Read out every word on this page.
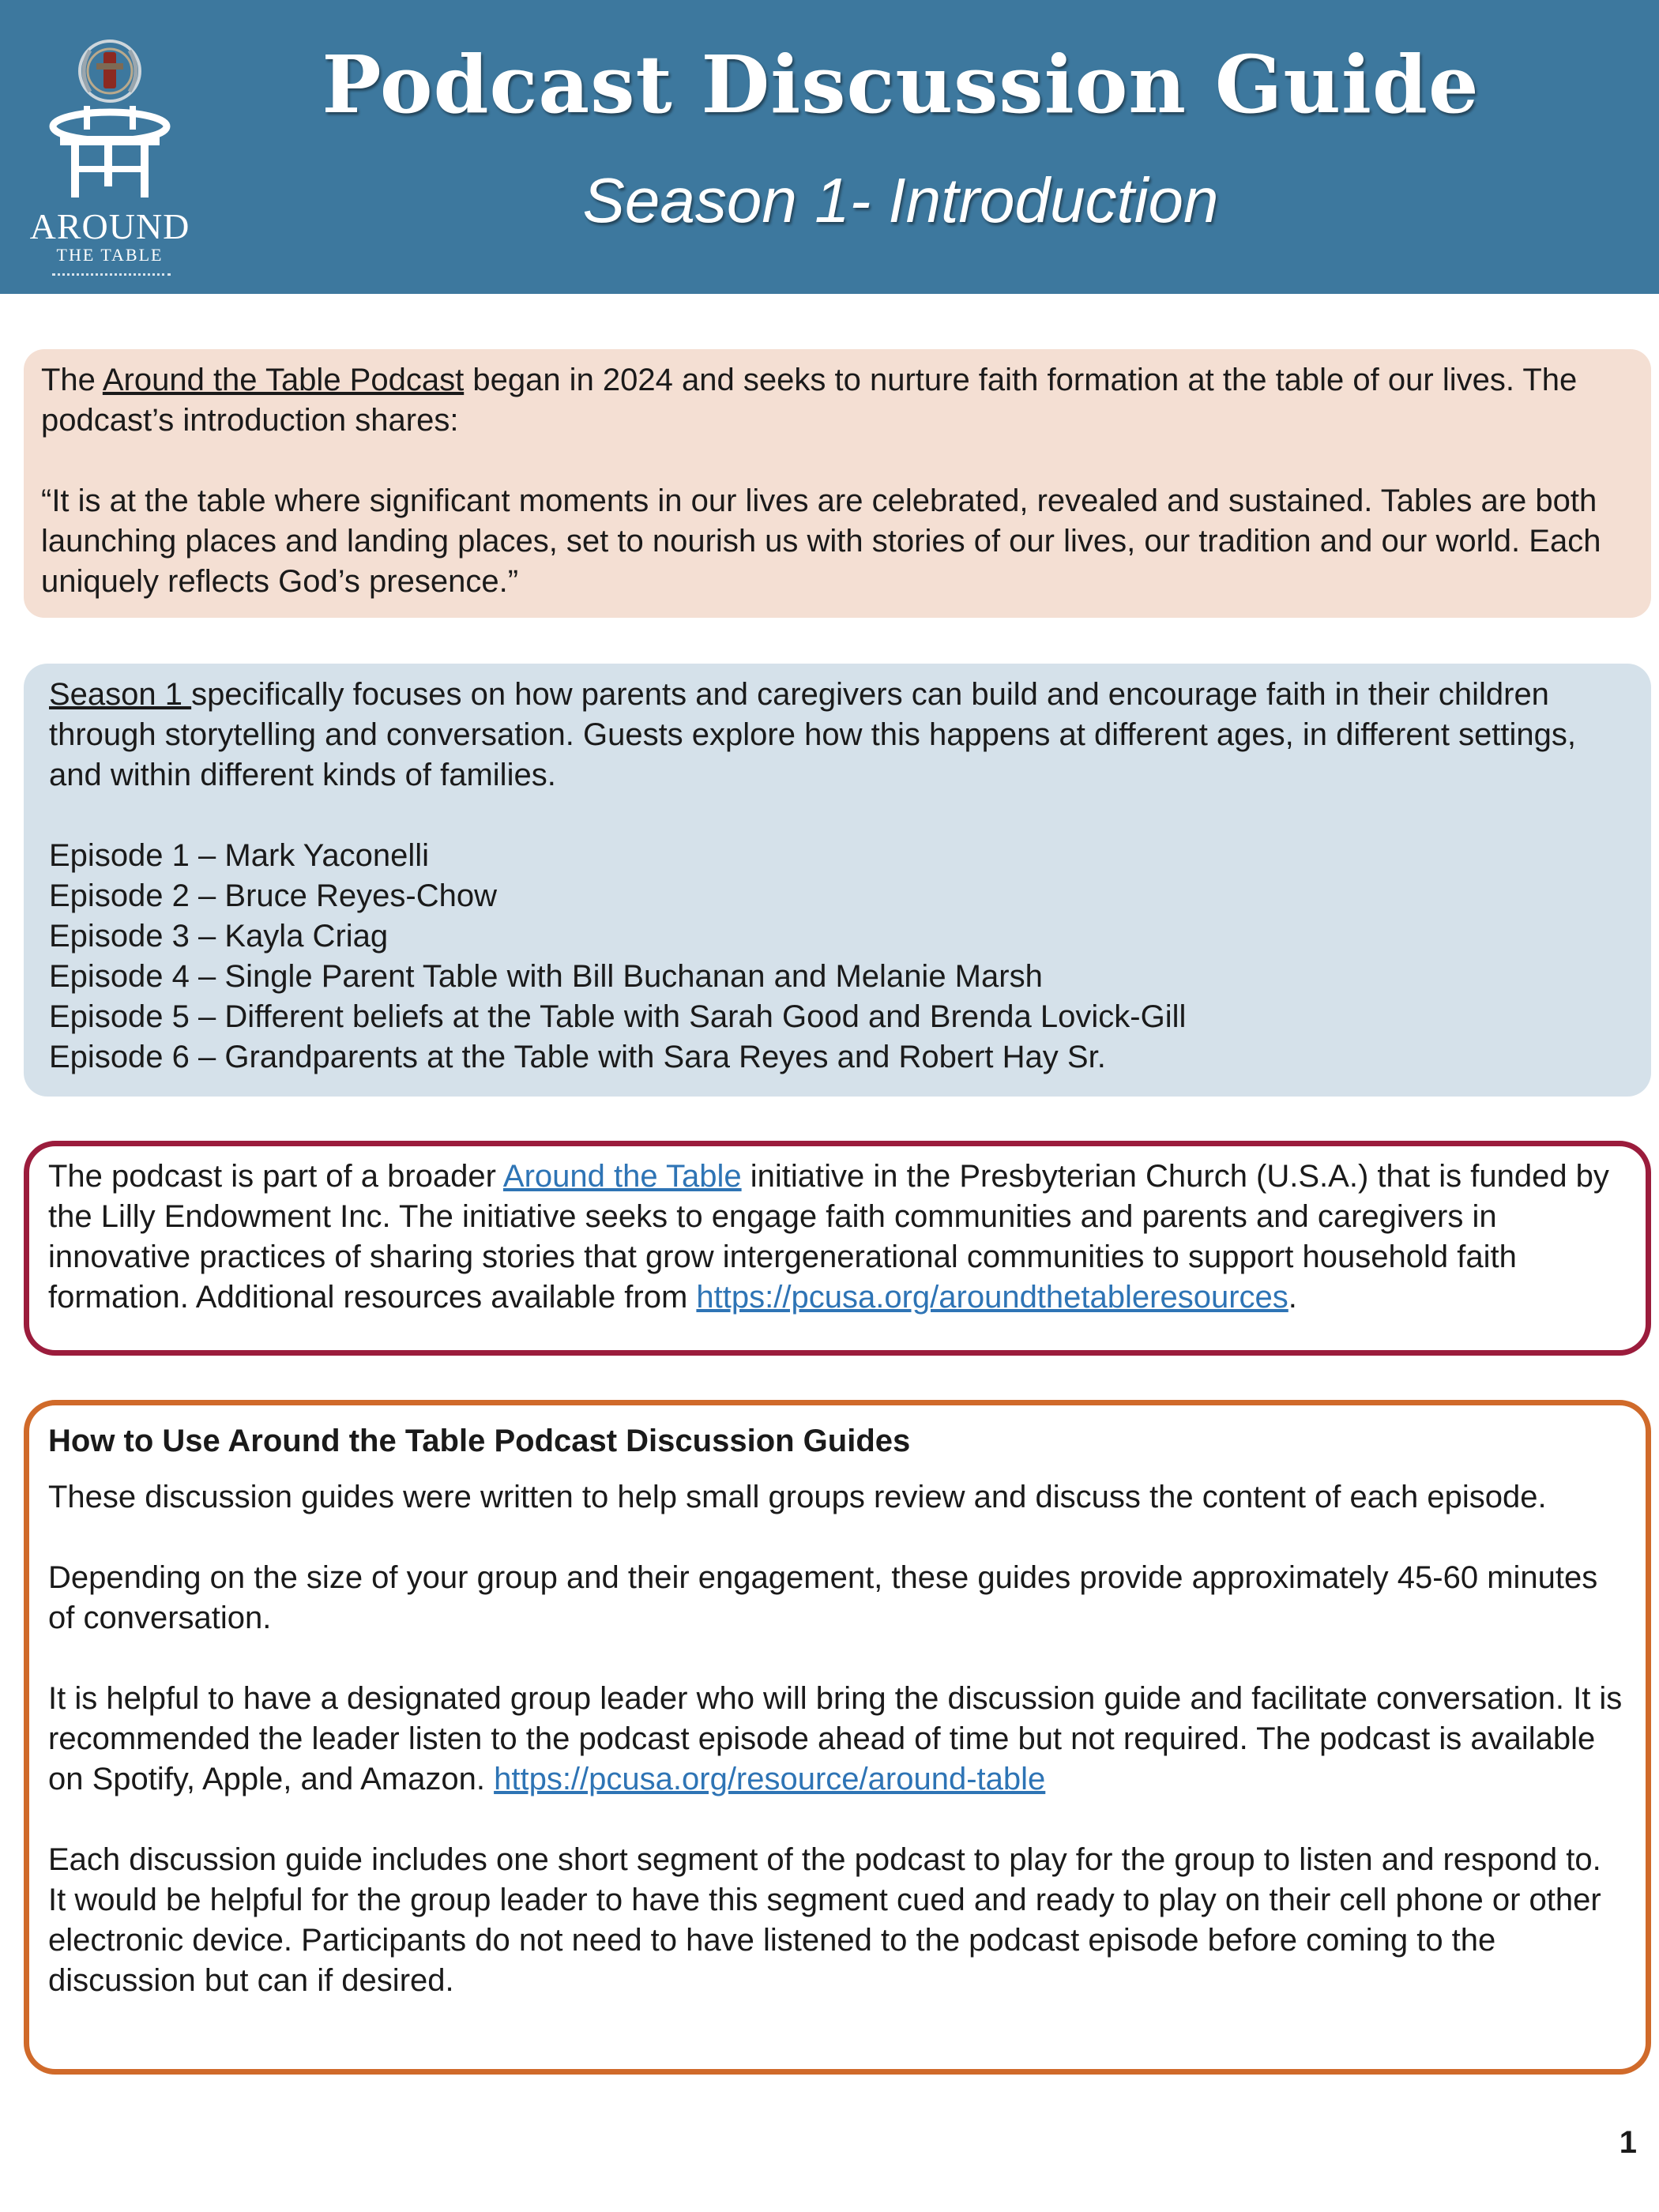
AROUND
THE TABLE
Podcast Discussion Guide
Season 1- Introduction

The Around the Table Podcast began in 2024 and seeks to nurture faith formation at the table of our lives. The podcast’s introduction shares:

“It is at the table where significant moments in our lives are celebrated, revealed and sustained. Tables are both launching places and landing places, set to nourish us with stories of our lives, our tradition and our world. Each uniquely reflects God’s presence.”

Season 1 specifically focuses on how parents and caregivers can build and encourage faith in their children through storytelling and conversation. Guests explore how this happens at different ages, in different settings, and within different kinds of families.

Episode 1 – Mark Yaconelli
Episode 2 – Bruce Reyes-Chow
Episode 3 – Kayla Criag
Episode 4 – Single Parent Table with Bill Buchanan and Melanie Marsh
Episode 5 – Different beliefs at the Table with Sarah Good and Brenda Lovick-Gill
Episode 6 – Grandparents at the Table with Sara Reyes and Robert Hay Sr.

The podcast is part of a broader Around the Table initiative in the Presbyterian Church (U.S.A.) that is funded by the Lilly Endowment Inc. The initiative seeks to engage faith communities and parents and caregivers in innovative practices of sharing stories that grow intergenerational communities to support household faith formation. Additional resources available from https://pcusa.org/aroundthetableresources.

How to Use Around the Table Podcast Discussion Guides

These discussion guides were written to help small groups review and discuss the content of each episode.

Depending on the size of your group and their engagement, these guides provide approximately 45-60 minutes of conversation.

It is helpful to have a designated group leader who will bring the discussion guide and facilitate conversation. It is recommended the leader listen to the podcast episode ahead of time but not required. The podcast is available on Spotify, Apple, and Amazon. https://pcusa.org/resource/around-table

Each discussion guide includes one short segment of the podcast to play for the group to listen and respond to. It would be helpful for the group leader to have this segment cued and ready to play on their cell phone or other electronic device. Participants do not need to have listened to the podcast episode before coming to the discussion but can if desired.

1
